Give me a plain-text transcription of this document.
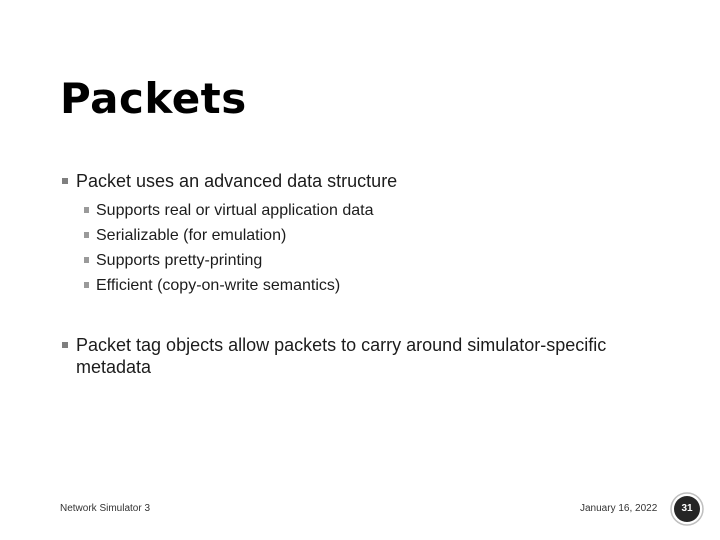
Packets
Packet uses an advanced data structure
Supports real or virtual application data
Serializable (for emulation)
Supports pretty-printing
Efficient (copy-on-write semantics)
Packet tag objects allow packets to carry around simulator-specific metadata
Network Simulator 3	January 16, 2022	31
